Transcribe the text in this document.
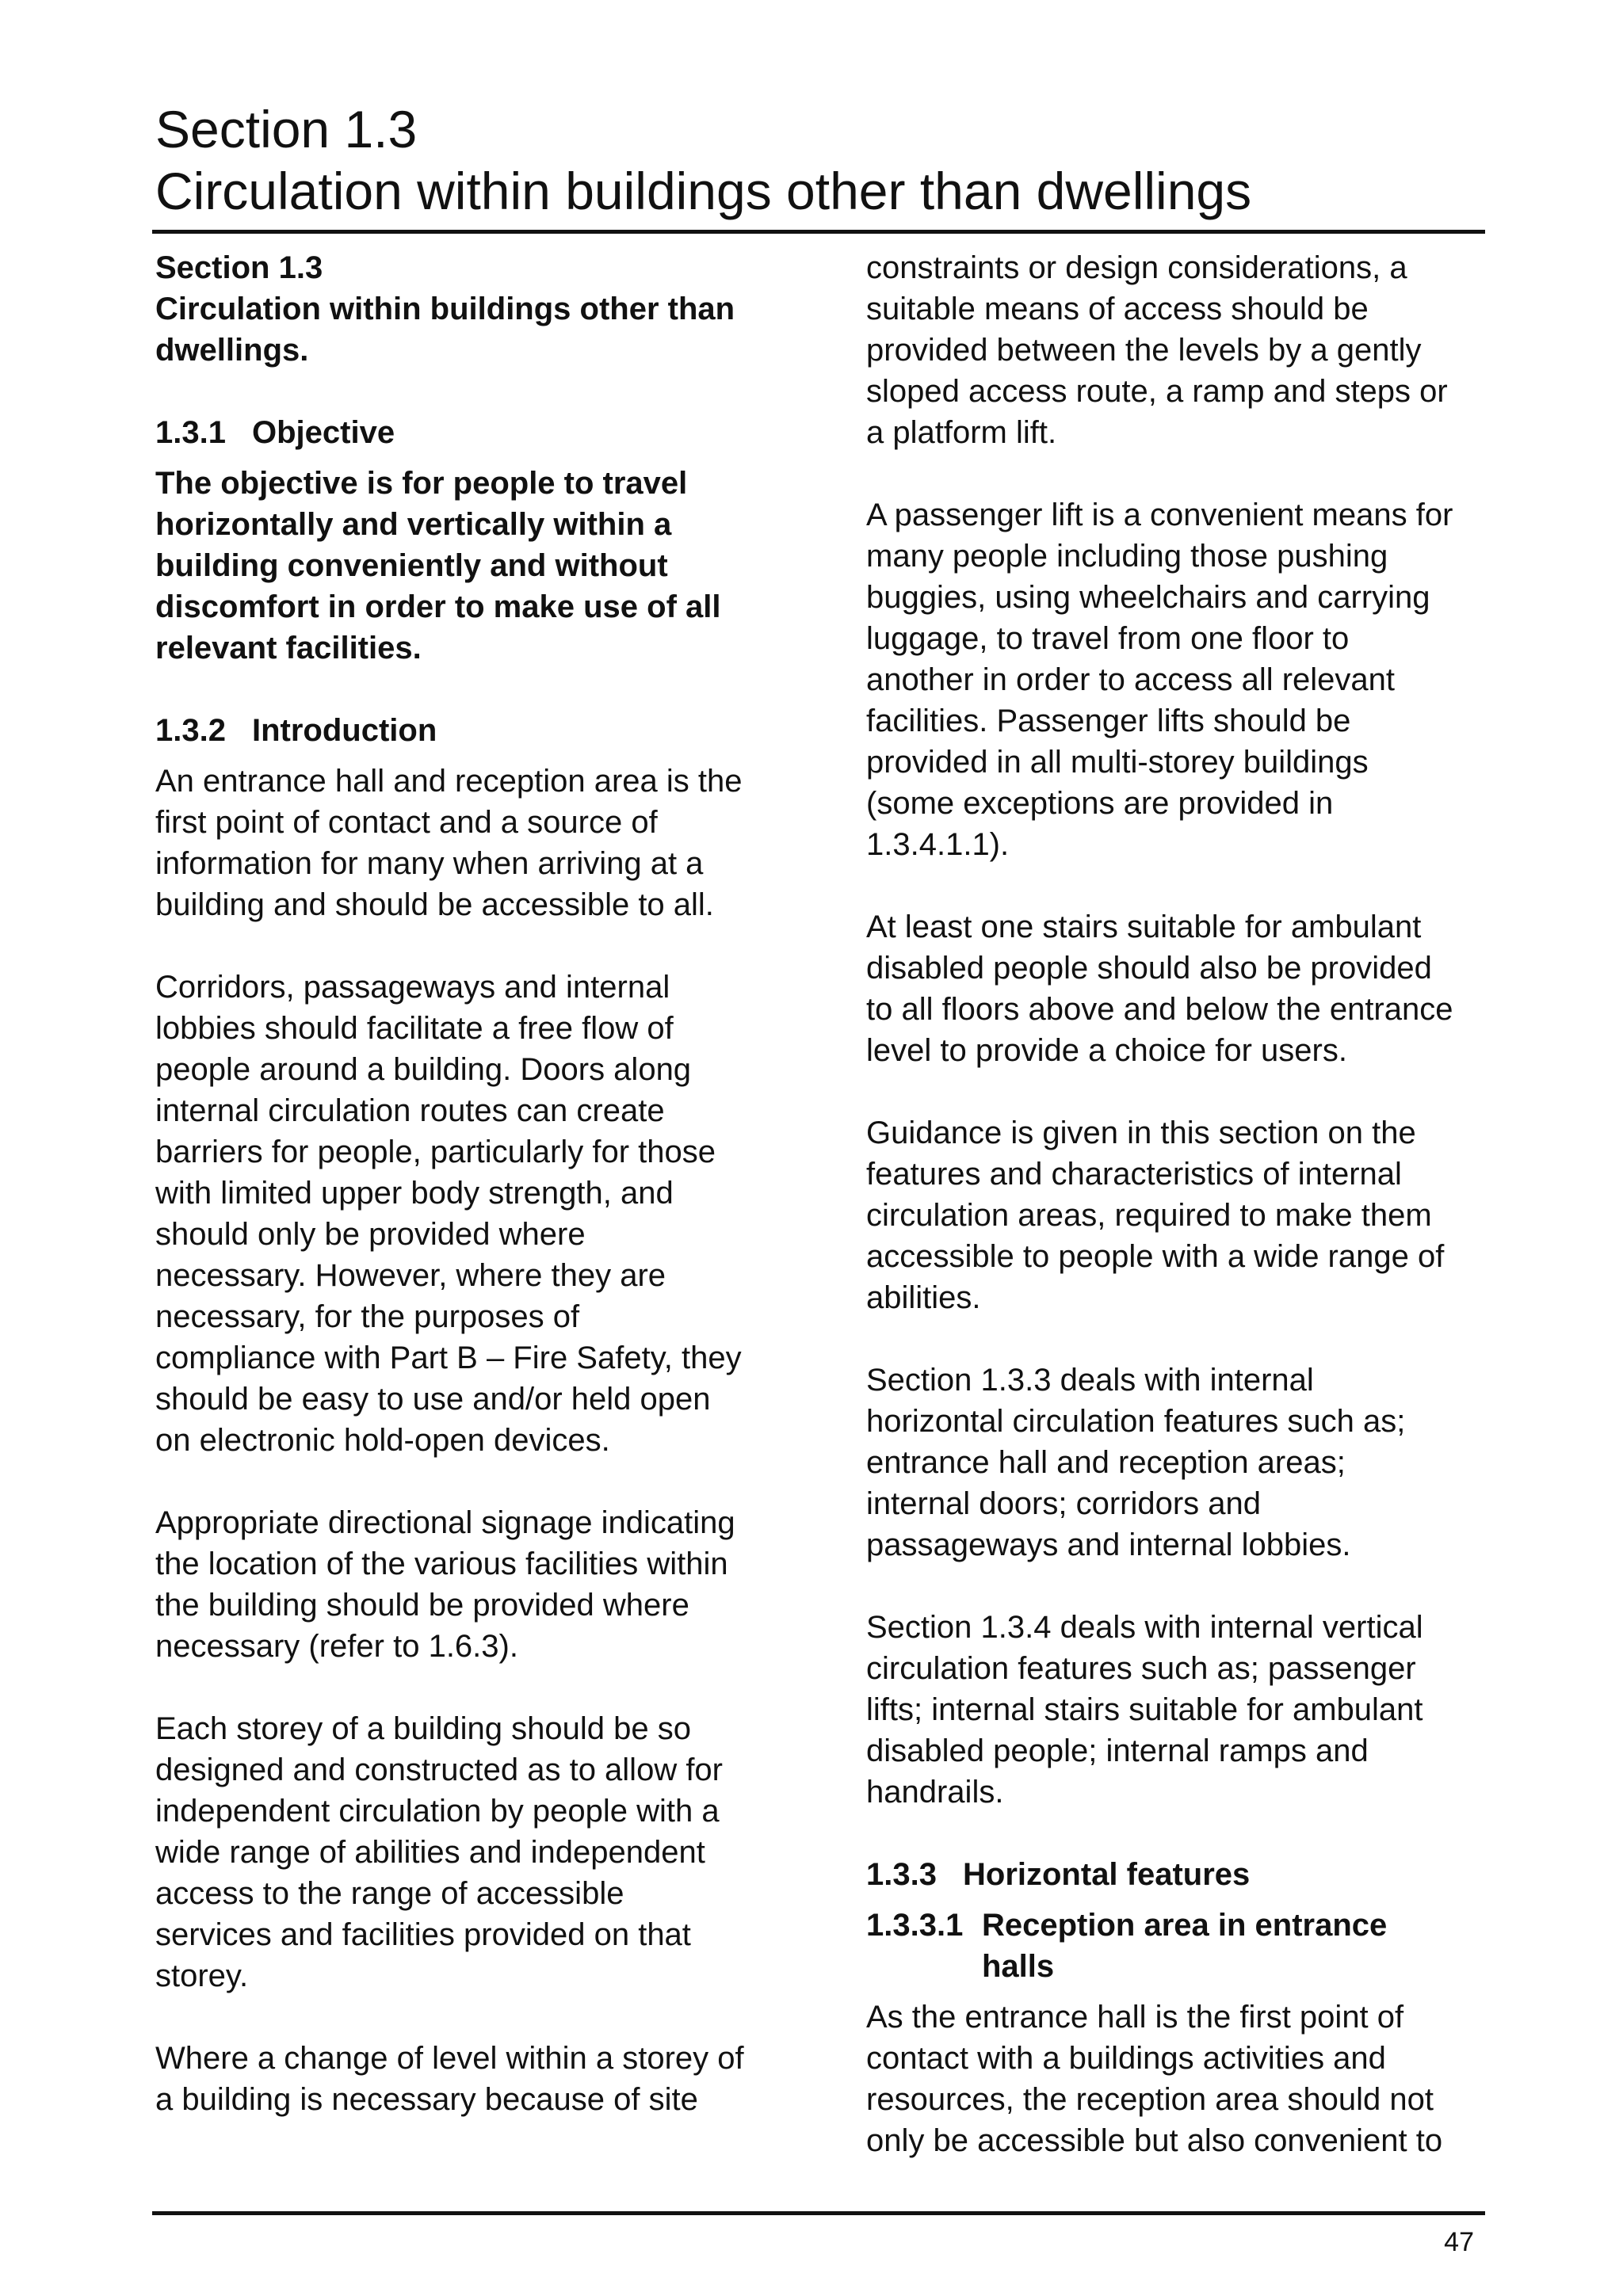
Section 1.3
Circulation within buildings other than dwellings

Section 1.3

Circulation within buildings other than

dwellings.

1.3.1 Objective

The objective is for people to travel

horizontally and vertically within a

building conveniently and without

discomfort in order to make use of all

relevant facilities.

1.3.2 Introduction

An entrance hall and reception area is the

first point of contact and a source of

information for many when arriving at a

building and should be accessible to all.

Corridors, passageways and internal

lobbies should facilitate a free flow of

people around a building. Doors along

internal circulation routes can create

barriers for people, particularly for those

with limited upper body strength, and

should only be provided where

necessary. However, where they are

necessary, for the purposes of

compliance with Part B – Fire Safety, they

should be easy to use and/or held open

on electronic hold-open devices.

Appropriate directional signage indicating

the location of the various facilities within

the building should be provided where

necessary (refer to 1.6.3).

Each storey of a building should be so

designed and constructed as to allow for

independent circulation by people with a

wide range of abilities and independent

access to the range of accessible

services and facilities provided on that

storey.

Where a change of level within a storey of

a building is necessary because of site

constraints or design considerations, a

suitable means of access should be

provided between the levels by a gently

sloped access route, a ramp and steps or

a platform lift.

A passenger lift is a convenient means for

many people including those pushing

buggies, using wheelchairs and carrying

luggage, to travel from one floor to

another in order to access all relevant

facilities. Passenger lifts should be

provided in all multi-storey buildings

(some exceptions are provided in

1.3.4.1.1).

At least one stairs suitable for ambulant

disabled people should also be provided

to all floors above and below the entrance

level to provide a choice for users.

Guidance is given in this section on the

features and characteristics of internal

circulation areas, required to make them

accessible to people with a wide range of

abilities.

Section 1.3.3 deals with internal

horizontal circulation features such as;

entrance hall and reception areas;

internal doors; corridors and

passageways and internal lobbies.

Section 1.3.4 deals with internal vertical

circulation features such as; passenger

lifts; internal stairs suitable for ambulant

disabled people; internal ramps and

handrails.

1.3.3 Horizontal features

1.3.3.1 Reception area in entrance

halls

As the entrance hall is the first point of

contact with a buildings activities and

resources, the reception area should not

only be accessible but also convenient to

47
